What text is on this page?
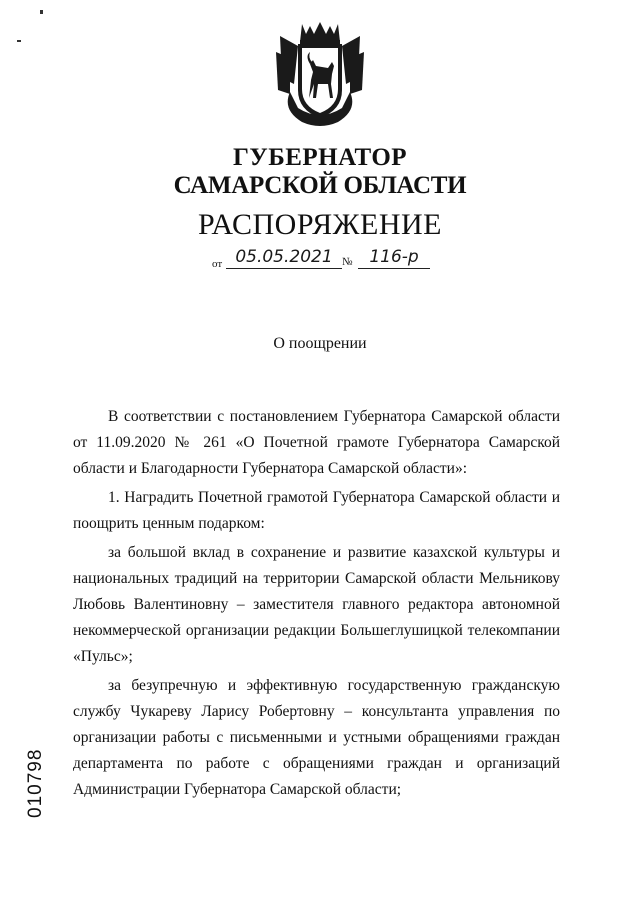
ГУБЕРНАТОР
САМАРСКОЙ ОБЛАСТИ
РАСПОРЯЖЕНИЕ
от 05.05.2021 № 116-р
О поощрении

В соответствии с постановлением Губернатора Самарской области от 11.09.2020 № 261 «О Почетной грамоте Губернатора Самарской области и Благодарности Губернатора Самарской области»:

1. Наградить Почетной грамотой Губернатора Самарской области и поощрить ценным подарком:

за большой вклад в сохранение и развитие казахской культуры и национальных традиций на территории Самарской области Мельникову Любовь Валентиновну – заместителя главного редактора автономной некоммерческой организации редакции Большеглушицкой телекомпании «Пульс»;

за безупречную и эффективную государственную гражданскую службу Чукареву Ларису Робертовну – консультанта управления по организации работы с письменными и устными обращениями граждан департамента по работе с обращениями граждан и организаций Администрации Губернатора Самарской области;

010798
